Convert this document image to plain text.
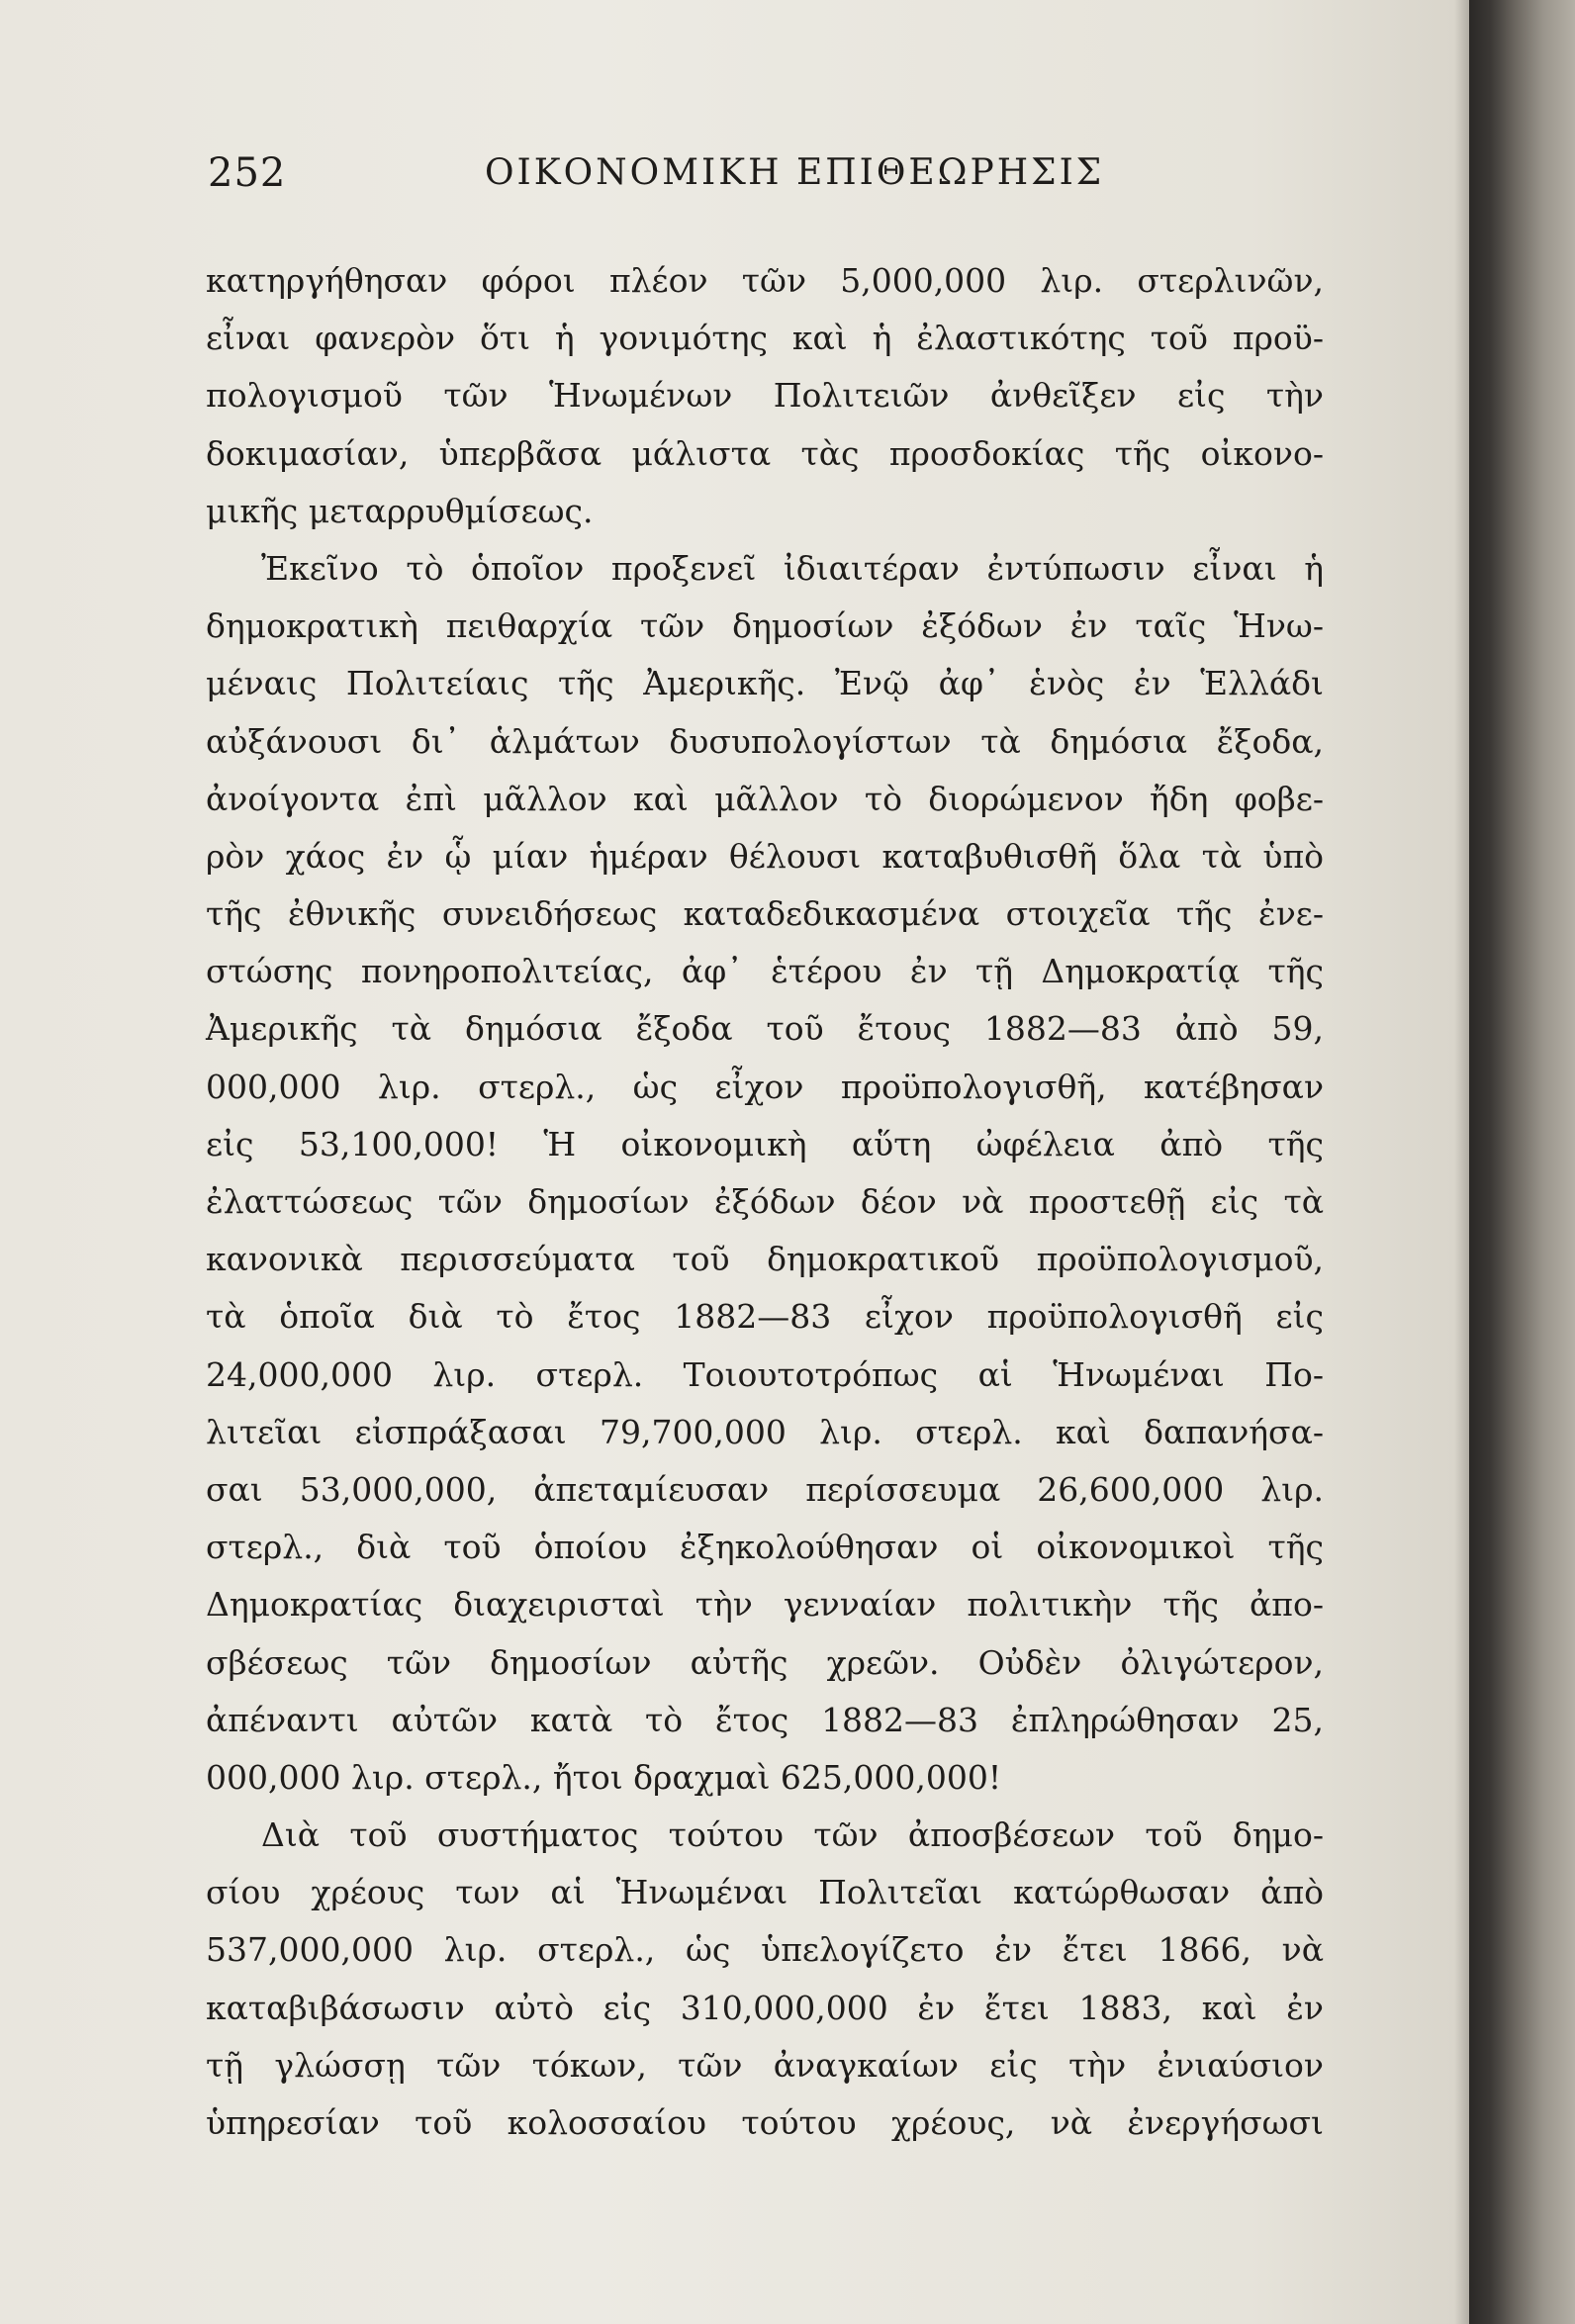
252	ΟΙΚΟΝΟΜΙΚΗ ΕΠΙΘΕΩΡΗΣΙΣ
κατηργήθησαν φόροι πλέον τῶν 5,000,000 λιρ. στερλινῶν,
εἶναι φανερὸν ὅτι ἡ γονιμότης καὶ ἡ ἐλαστικότης τοῦ προϋ-
πολογισμοῦ τῶν Ἡνωμένων Πολιτειῶν ἀνθεῖξεν εἰς τὴν
δοκιμασίαν, ὑπερβᾶσα μάλιστα τὰς προσδοκίας τῆς οἰκονο-
μικῆς μεταρρυθμίσεως.
Ἐκεῖνο τὸ ὁποῖον προξενεῖ ἰδιαιτέραν ἐντύπωσιν εἶναι ἡ
δημοκρατικὴ πειθαρχία τῶν δημοσίων ἐξόδων ἐν ταῖς Ἡνω-
μέναις Πολιτείαις τῆς Ἀμερικῆς. Ἐνῷ ἀφ᾽ ἑνὸς ἐν Ἑλλάδι
αὐξάνουσι δι᾽ ἁλμάτων δυσυπολογίστων τὰ δημόσια ἔξοδα,
ἀνοίγοντα ἐπὶ μᾶλλον καὶ μᾶλλον τὸ διορώμενον ἤδη φοβε-
ρὸν χάος ἐν ᾧ μίαν ἡμέραν θέλουσι καταβυθισθῆ ὅλα τὰ ὑπὸ
τῆς ἐθνικῆς συνειδήσεως καταδεδικασμένα στοιχεῖα τῆς ἐνε-
στώσης πονηροπολιτείας, ἀφ᾽ ἑτέρου ἐν τῇ Δημοκρατίᾳ τῆς
Ἀμερικῆς τὰ δημόσια ἔξοδα τοῦ ἔτους 1882—83 ἀπὸ 59,
000,000 λιρ. στερλ., ὡς εἶχον προϋπολογισθῆ, κατέβησαν
εἰς 53,100,000! Ἡ οἰκονομικὴ αὕτη ὠφέλεια ἀπὸ τῆς
ἐλαττώσεως τῶν δημοσίων ἐξόδων δέον νὰ προστεθῇ εἰς τὰ
κανονικὰ περισσεύματα τοῦ δημοκρατικοῦ προϋπολογισμοῦ,
τὰ ὁποῖα διὰ τὸ ἔτος 1882—83 εἶχον προϋπολογισθῆ εἰς
24,000,000 λιρ. στερλ. Τοιουτοτρόπως αἱ Ἡνωμέναι Πο-
λιτεῖαι εἰσπράξασαι 79,700,000 λιρ. στερλ. καὶ δαπανήσα-
σαι 53,000,000, ἀπεταμίευσαν περίσσευμα 26,600,000 λιρ.
στερλ., διὰ τοῦ ὁποίου ἐξηκολούθησαν οἱ οἰκονομικοὶ τῆς
Δημοκρατίας διαχειρισταὶ τὴν γενναίαν πολιτικὴν τῆς ἀπο-
σβέσεως τῶν δημοσίων αὐτῆς χρεῶν. Οὐδὲν ὀλιγώτερον,
ἀπέναντι αὐτῶν κατὰ τὸ ἔτος 1882—83 ἐπληρώθησαν 25,
000,000 λιρ. στερλ., ἤτοι δραχμαὶ 625,000,000!
Διὰ τοῦ συστήματος τούτου τῶν ἀποσβέσεων τοῦ δημο-
σίου χρέους των αἱ Ἡνωμέναι Πολιτεῖαι κατώρθωσαν ἀπὸ
537,000,000 λιρ. στερλ., ὡς ὑπελογίζετο ἐν ἔτει 1866, νὰ
καταβιβάσωσιν αὐτὸ εἰς 310,000,000 ἐν ἔτει 1883, καὶ ἐν
τῇ γλώσσῃ τῶν τόκων, τῶν ἀναγκαίων εἰς τὴν ἐνιαύσιον
ὑπηρεσίαν τοῦ κολοσσαίου τούτου χρέους, νὰ ἐνεργήσωσι
